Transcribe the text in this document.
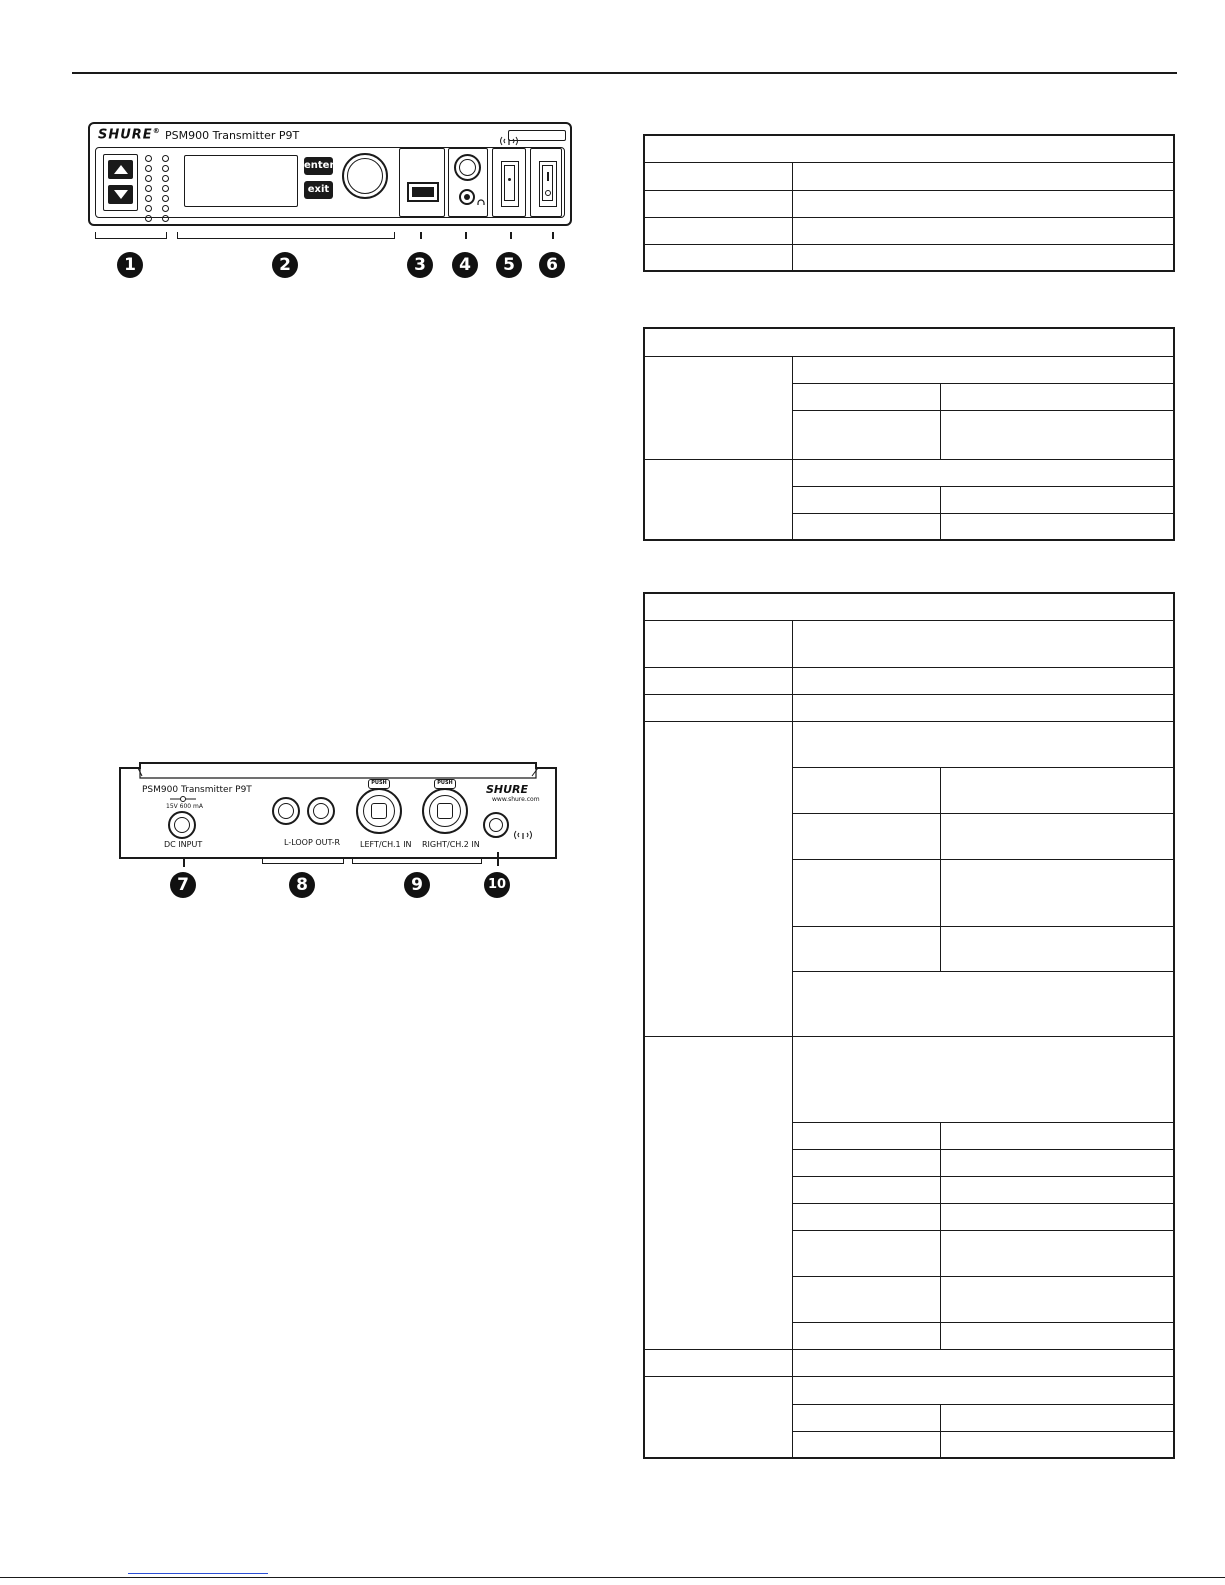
SHURE® PSM900 Transmitter P9T
enter
exit
1	2	3	4	5	6
PSM900 Transmitter P9T
15V 600 mA
DC INPUT	L-LOOP OUT-R
PUSH
LEFT/CH.1 IN
PUSH
RIGHT/CH.2 IN
SHURE
www.shure.com
7	8	9	10
